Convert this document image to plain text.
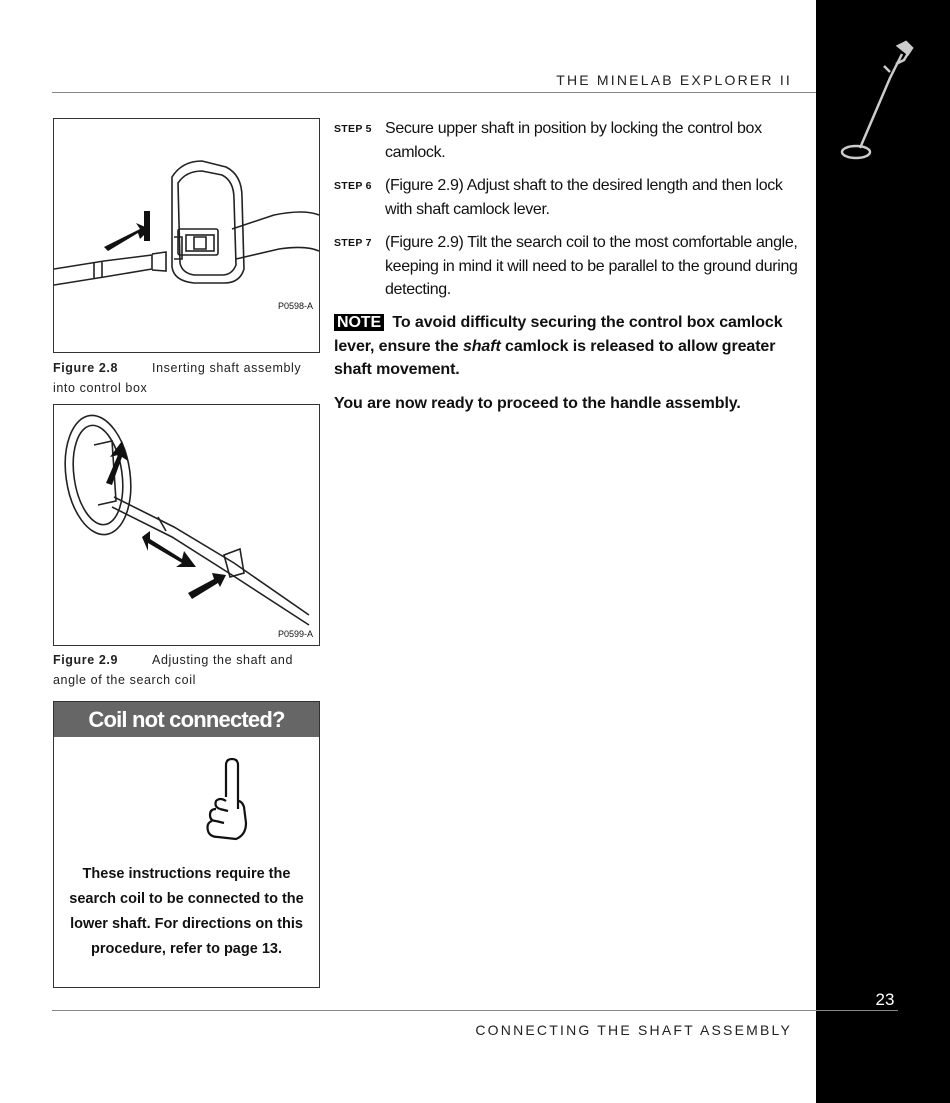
THE MINELAB EXPLORER II
P0598-A
Figure 2.8	Inserting shaft assembly into control box
P0599-A
Figure 2.9	Adjusting the shaft and angle of the search coil
Coil not connected?
These instructions require the search coil to be connected to the lower shaft. For directions on this procedure, refer to page 13.
STEP 5 Secure upper shaft in position by locking the control box camlock.
STEP 6 (Figure 2.9) Adjust shaft to the desired length and then lock with shaft camlock lever.
STEP 7 (Figure 2.9) Tilt the search coil to the most comfortable angle, keeping in mind it will need to be parallel to the ground during detecting.
NOTE To avoid difficulty securing the control box camlock lever, ensure the shaft camlock is released to allow greater shaft movement.
You are now ready to proceed to the handle assembly.
23
CONNECTING THE SHAFT ASSEMBLY
